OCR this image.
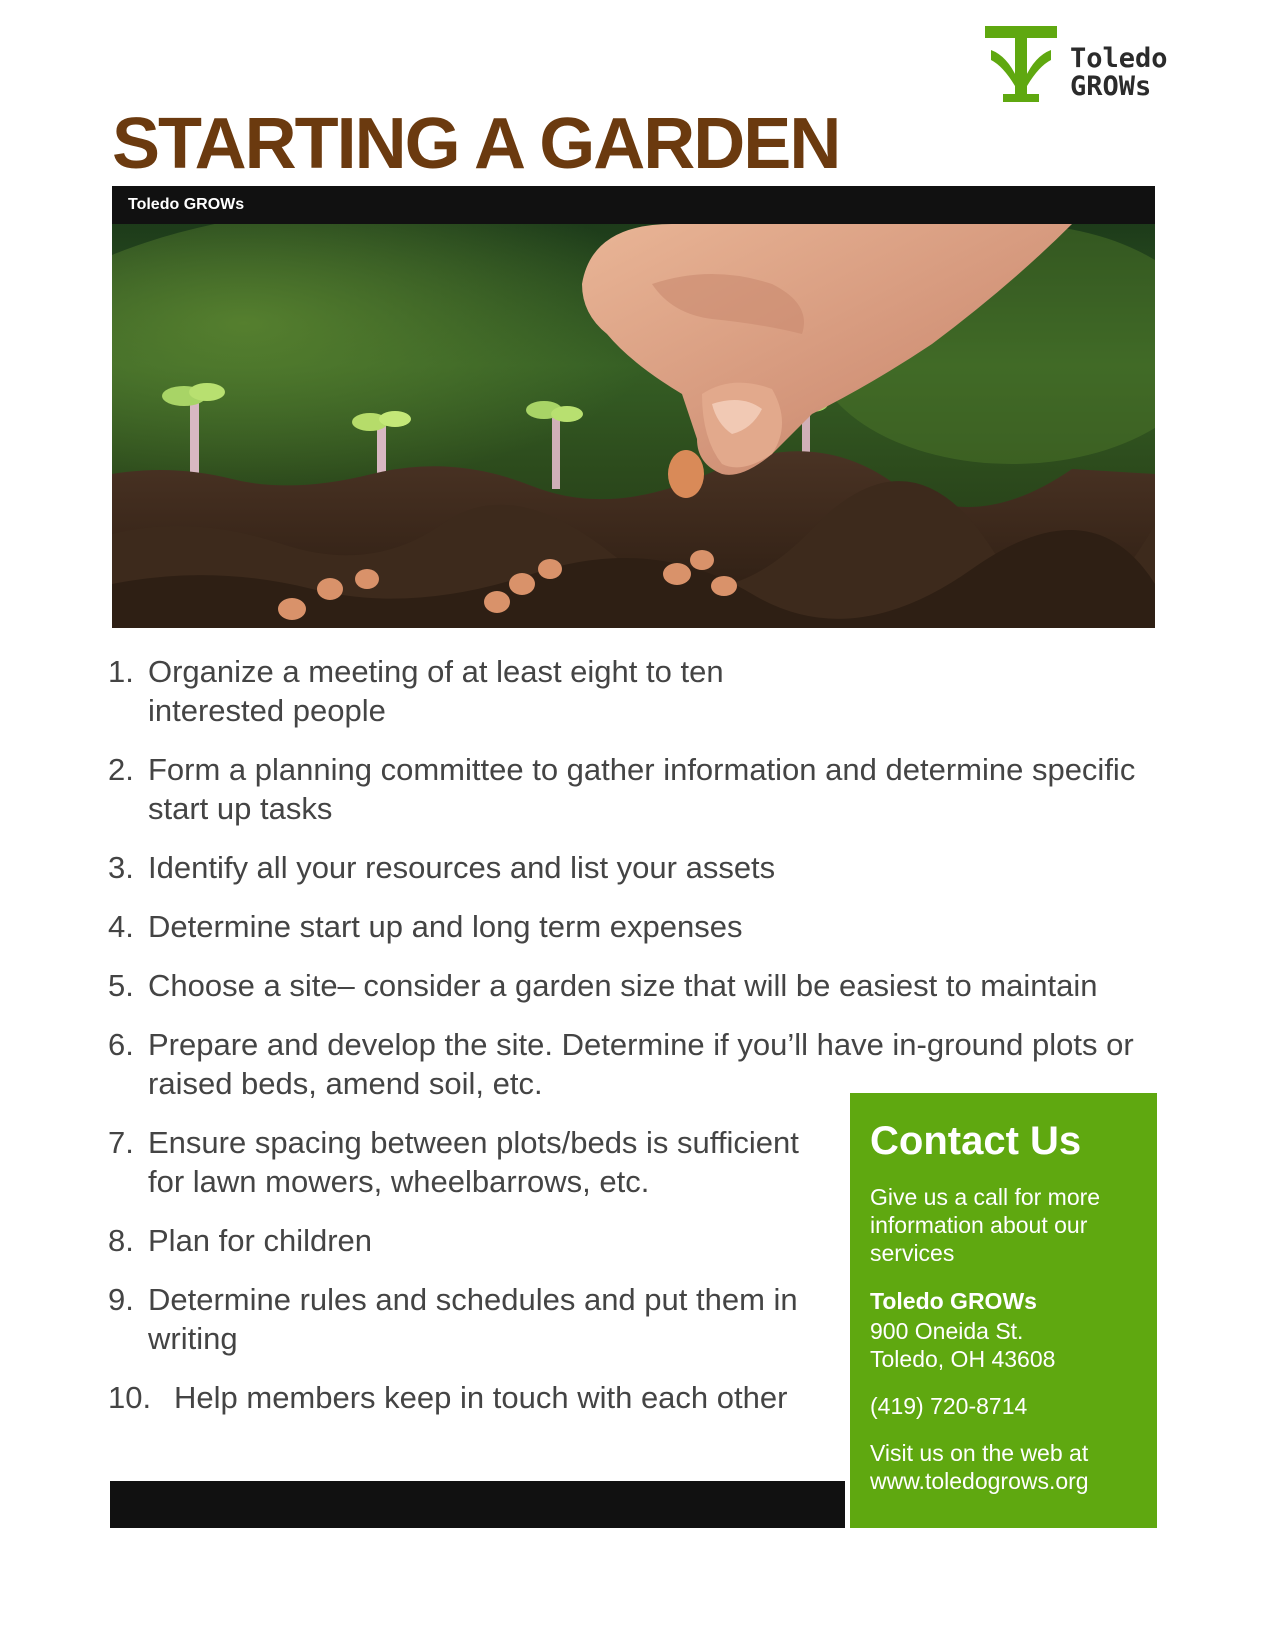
Toledo
GROWs
STARTING A GARDEN
Toledo GROWs
1. Organize a meeting of at least eight to ten interested people
2. Form a planning committee to gather information and determine specific start up tasks
3. Identify all your resources and list your assets
4. Determine start up and long term expenses
5. Choose a site– consider a garden size that will be easiest to maintain
6. Prepare and develop the site. Determine if you’ll have in-ground plots or raised beds, amend soil, etc.
7. Ensure spacing between plots/beds is sufficient for lawn mowers, wheelbarrows, etc.
8. Plan for children
9. Determine rules and schedules and put them in writing
10. Help members keep in touch with each other
Contact Us
Give us a call for more information about our services
Toledo GROWs
900 Oneida St.
Toledo, OH 43608
(419) 720-8714
Visit us on the web at
www.toledogrows.org
